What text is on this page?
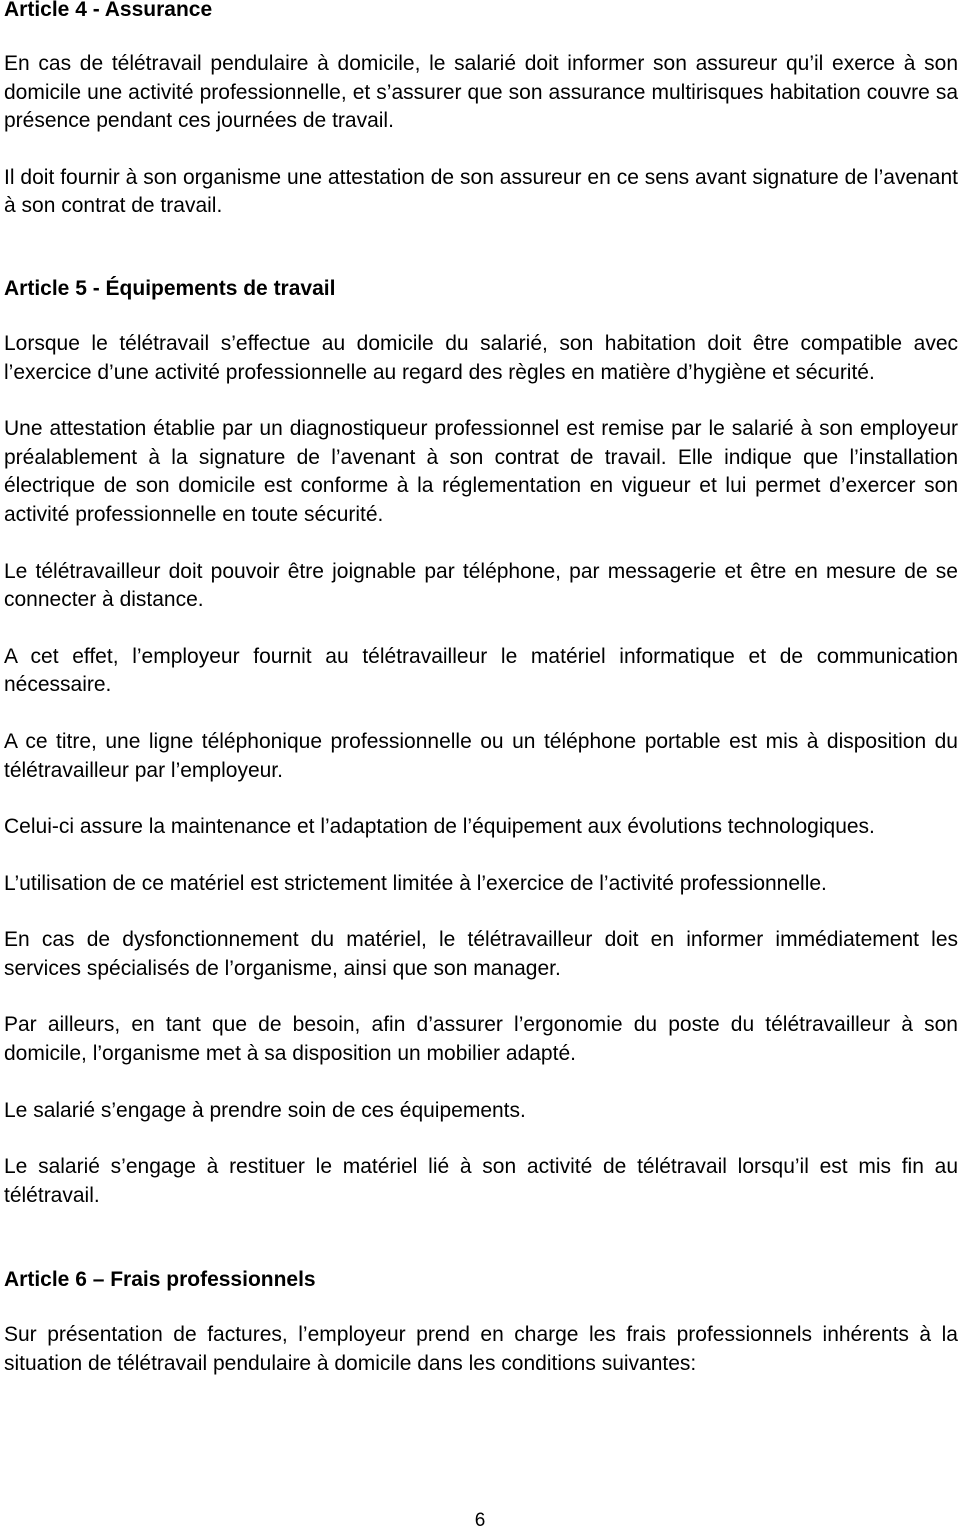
Article 4 - Assurance

En cas de télétravail pendulaire à domicile, le salarié doit informer son assureur qu’il exerce à son domicile une activité professionnelle, et s’assurer que son assurance multirisques habitation couvre sa présence pendant ces journées de travail.

Il doit fournir à son organisme une attestation de son assureur en ce sens avant signature de l’avenant à son contrat de travail.

Article 5 - Équipements de travail

Lorsque le télétravail s’effectue au domicile du salarié, son habitation doit être compatible avec l’exercice d’une activité professionnelle au regard des règles en matière d’hygiène et sécurité.

Une attestation établie par un diagnostiqueur professionnel est remise par le salarié à son employeur préalablement à la signature de l’avenant à son contrat de travail. Elle indique que l’installation électrique de son domicile est conforme à la réglementation en vigueur et lui permet d’exercer son activité professionnelle en toute sécurité.

Le télétravailleur doit pouvoir être joignable par téléphone, par messagerie et être en mesure de se connecter à distance.

A cet effet, l’employeur fournit au télétravailleur le matériel informatique et de communication nécessaire.

A ce titre, une ligne téléphonique professionnelle ou un téléphone portable est mis à disposition du télétravailleur par l’employeur.

Celui-ci assure la maintenance et l’adaptation de l’équipement aux évolutions technologiques.

L’utilisation de ce matériel est strictement limitée à l’exercice de l’activité professionnelle.

En cas de dysfonctionnement du matériel, le télétravailleur doit en informer immédiatement les services spécialisés de l’organisme, ainsi que son manager.

Par ailleurs, en tant que de besoin, afin d’assurer l’ergonomie du poste du télétravailleur à son domicile, l’organisme met à sa disposition un mobilier adapté.

Le salarié s’engage à prendre soin de ces équipements.

Le salarié s’engage à restituer le matériel lié à son activité de télétravail lorsqu’il est mis fin au télétravail.

Article 6 – Frais professionnels

Sur présentation de factures, l’employeur prend en charge les frais professionnels inhérents à la situation de télétravail pendulaire à domicile dans les conditions suivantes:

6
